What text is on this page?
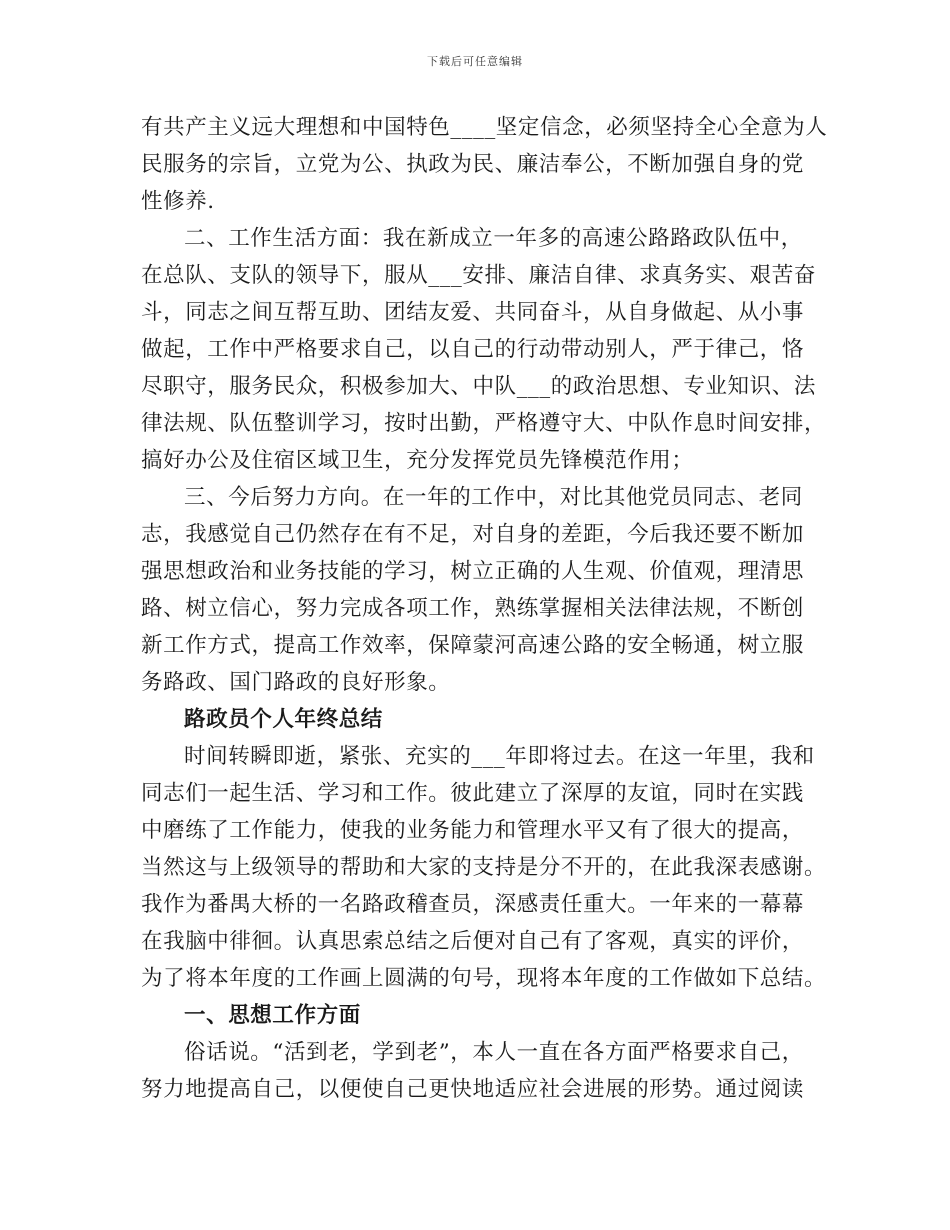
下载后可任意编辑
有共产主义远大理想和中国特色____坚定信念，必须坚持全心全意为人
民服务的宗旨，立党为公、执政为民、廉洁奉公，不断加强自身的党
性修养.
二、工作生活方面：我在新成立一年多的高速公路路政队伍中，
在总队、支队的领导下，服从___安排、廉洁自律、求真务实、艰苦奋
斗，同志之间互帮互助、团结友爱、共同奋斗，从自身做起、从小事
做起，工作中严格要求自己，以自己的行动带动别人，严于律己，恪
尽职守，服务民众，积极参加大、中队___的政治思想、专业知识、法
律法规、队伍整训学习，按时出勤，严格遵守大、中队作息时间安排，
搞好办公及住宿区域卫生，充分发挥党员先锋模范作用；
三、今后努力方向。在一年的工作中，对比其他党员同志、老同
志，我感觉自己仍然存在有不足，对自身的差距，今后我还要不断加
强思想政治和业务技能的学习，树立正确的人生观、价值观，理清思
路、树立信心，努力完成各项工作，熟练掌握相关法律法规，不断创
新工作方式，提高工作效率，保障蒙河高速公路的安全畅通，树立服
务路政、国门路政的良好形象。
路政员个人年终总结
时间转瞬即逝，紧张、充实的___年即将过去。在这一年里，我和
同志们一起生活、学习和工作。彼此建立了深厚的友谊，同时在实践
中磨练了工作能力，使我的业务能力和管理水平又有了很大的提高，
当然这与上级领导的帮助和大家的支持是分不开的，在此我深表感谢。
我作为番禺大桥的一名路政稽查员，深感责任重大。一年来的一幕幕
在我脑中徘徊。认真思索总结之后便对自己有了客观，真实的评价，
为了将本年度的工作画上圆满的句号，现将本年度的工作做如下总结。
一、思想工作方面
俗话说。“活到老，学到老”，本人一直在各方面严格要求自己，
努力地提高自己，以便使自己更快地适应社会进展的形势。通过阅读
